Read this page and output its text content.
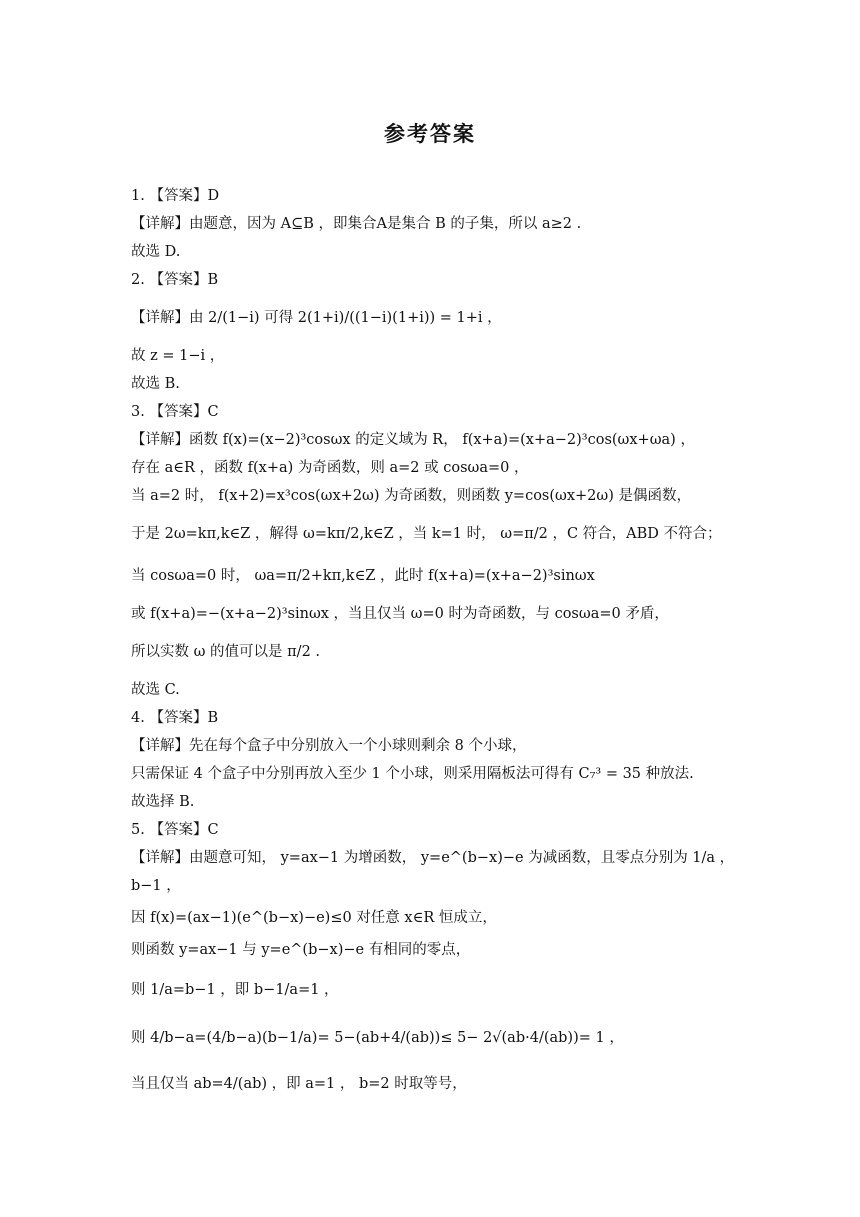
参考答案
1. 【答案】D
【详解】由题意，因为 A⊆B ，即集合A是集合 B 的子集，所以 a≥2 .
故选 D.
2. 【答案】B
【详解】由 2/(1−i) 可得 2(1+i)/((1−i)(1+i)) = 1+i ，
故 z = 1−i ，
故选 B.
3. 【答案】C
【详解】函数 f(x)=(x−2)³cosωx 的定义域为 R， f(x+a)=(x+a−2)³cos(ωx+ωa) ，
存在 a∈R ，函数 f(x+a) 为奇函数，则 a=2 或 cosωa=0 ，
当 a=2 时， f(x+2)=x³cos(ωx+2ω) 为奇函数，则函数 y=cos(ωx+2ω) 是偶函数，
于是 2ω=kπ,k∈Z ，解得 ω=kπ/2,k∈Z ，当 k=1 时， ω=π/2 ，C 符合，ABD 不符合；
当 cosωa=0 时， ωa=π/2+kπ,k∈Z ，此时 f(x+a)=(x+a−2)³sinωx
或 f(x+a)=−(x+a−2)³sinωx ，当且仅当 ω=0 时为奇函数，与 cosωa=0 矛盾，
所以实数 ω 的值可以是 π/2 .
故选 C.
4. 【答案】B
【详解】先在每个盒子中分别放入一个小球则剩余 8 个小球，
只需保证 4 个盒子中分别再放入至少 1 个小球，则采用隔板法可得有 C₇³ = 35 种放法.
故选择 B.
5. 【答案】C
【详解】由题意可知， y=ax−1 为增函数， y=e^(b−x)−e 为减函数，且零点分别为 1/a ，
b−1 ，
因 f(x)=(ax−1)(e^(b−x)−e)≤0 对任意 x∈R 恒成立，
则函数 y=ax−1 与 y=e^(b−x)−e 有相同的零点，
则 1/a=b−1 ，即 b−1/a=1 ，
则 4/b−a=(4/b−a)(b−1/a)= 5−(ab+4/(ab))≤ 5− 2√(ab·4/(ab))= 1 ，
当且仅当 ab=4/(ab) ，即 a=1 ， b=2 时取等号，
